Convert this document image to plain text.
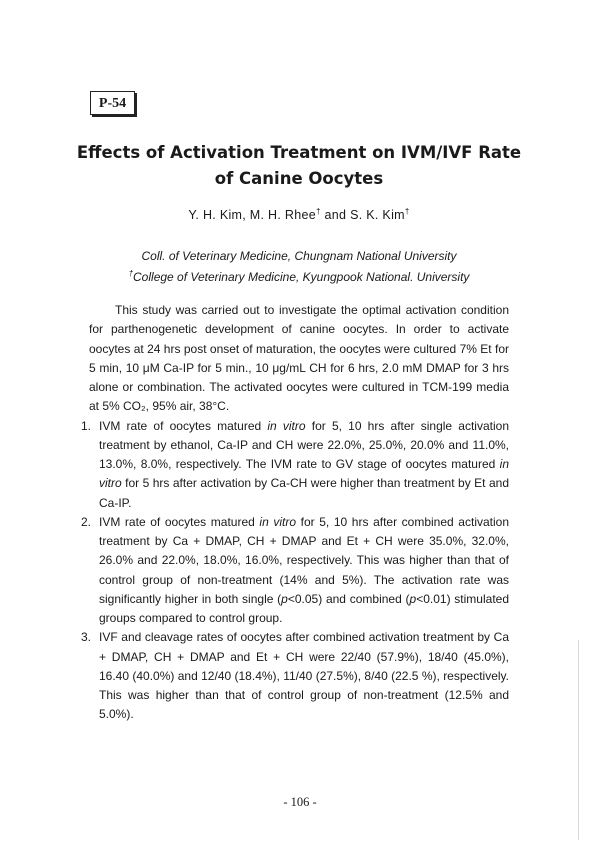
P-54
Effects of Activation Treatment on IVM/IVF Rate
of Canine Oocytes
Y. H. Kim, M. H. Rhee† and S. K. Kim†
Coll. of Veterinary Medicine, Chungnam National University
†College of Veterinary Medicine, Kyungpook National. University

This study was carried out to investigate the optimal activation condition for parthenogenetic development of canine oocytes. In order to activate oocytes at 24 hrs post onset of maturation, the oocytes were cultured 7% Et for 5 min, 10 μM Ca-IP for 5 min., 10 μg/mL CH for 6 hrs, 2.0 mM DMAP for 3 hrs alone or combination. The activated oocytes were cultured in TCM-199 media at 5% CO₂, 95% air, 38°C.

1. IVM rate of oocytes matured in vitro for 5, 10 hrs after single activation treatment by ethanol, Ca-IP and CH were 22.0%, 25.0%, 20.0% and 11.0%, 13.0%, 8.0%, respectively. The IVM rate to GV stage of oocytes matured in vitro for 5 hrs after activation by Ca-CH were higher than treatment by Et and Ca-IP.
2. IVM rate of oocytes matured in vitro for 5, 10 hrs after combined activation treatment by Ca + DMAP, CH + DMAP and Et + CH were 35.0%, 32.0%, 26.0% and 22.0%, 18.0%, 16.0%, respectively. This was higher than that of control group of non-treatment (14% and 5%). The activation rate was significantly higher in both single (p<0.05) and combined (p<0.01) stimulated groups compared to control group.
3. IVF and cleavage rates of oocytes after combined activation treatment by Ca + DMAP, CH + DMAP and Et + CH were 22/40 (57.9%), 18/40 (45.0%), 16.40 (40.0%) and 12/40 (18.4%), 11/40 (27.5%), 8/40 (22.5 %), respectively. This was higher than that of control group of non-treatment (12.5% and 5.0%).
- 106 -
